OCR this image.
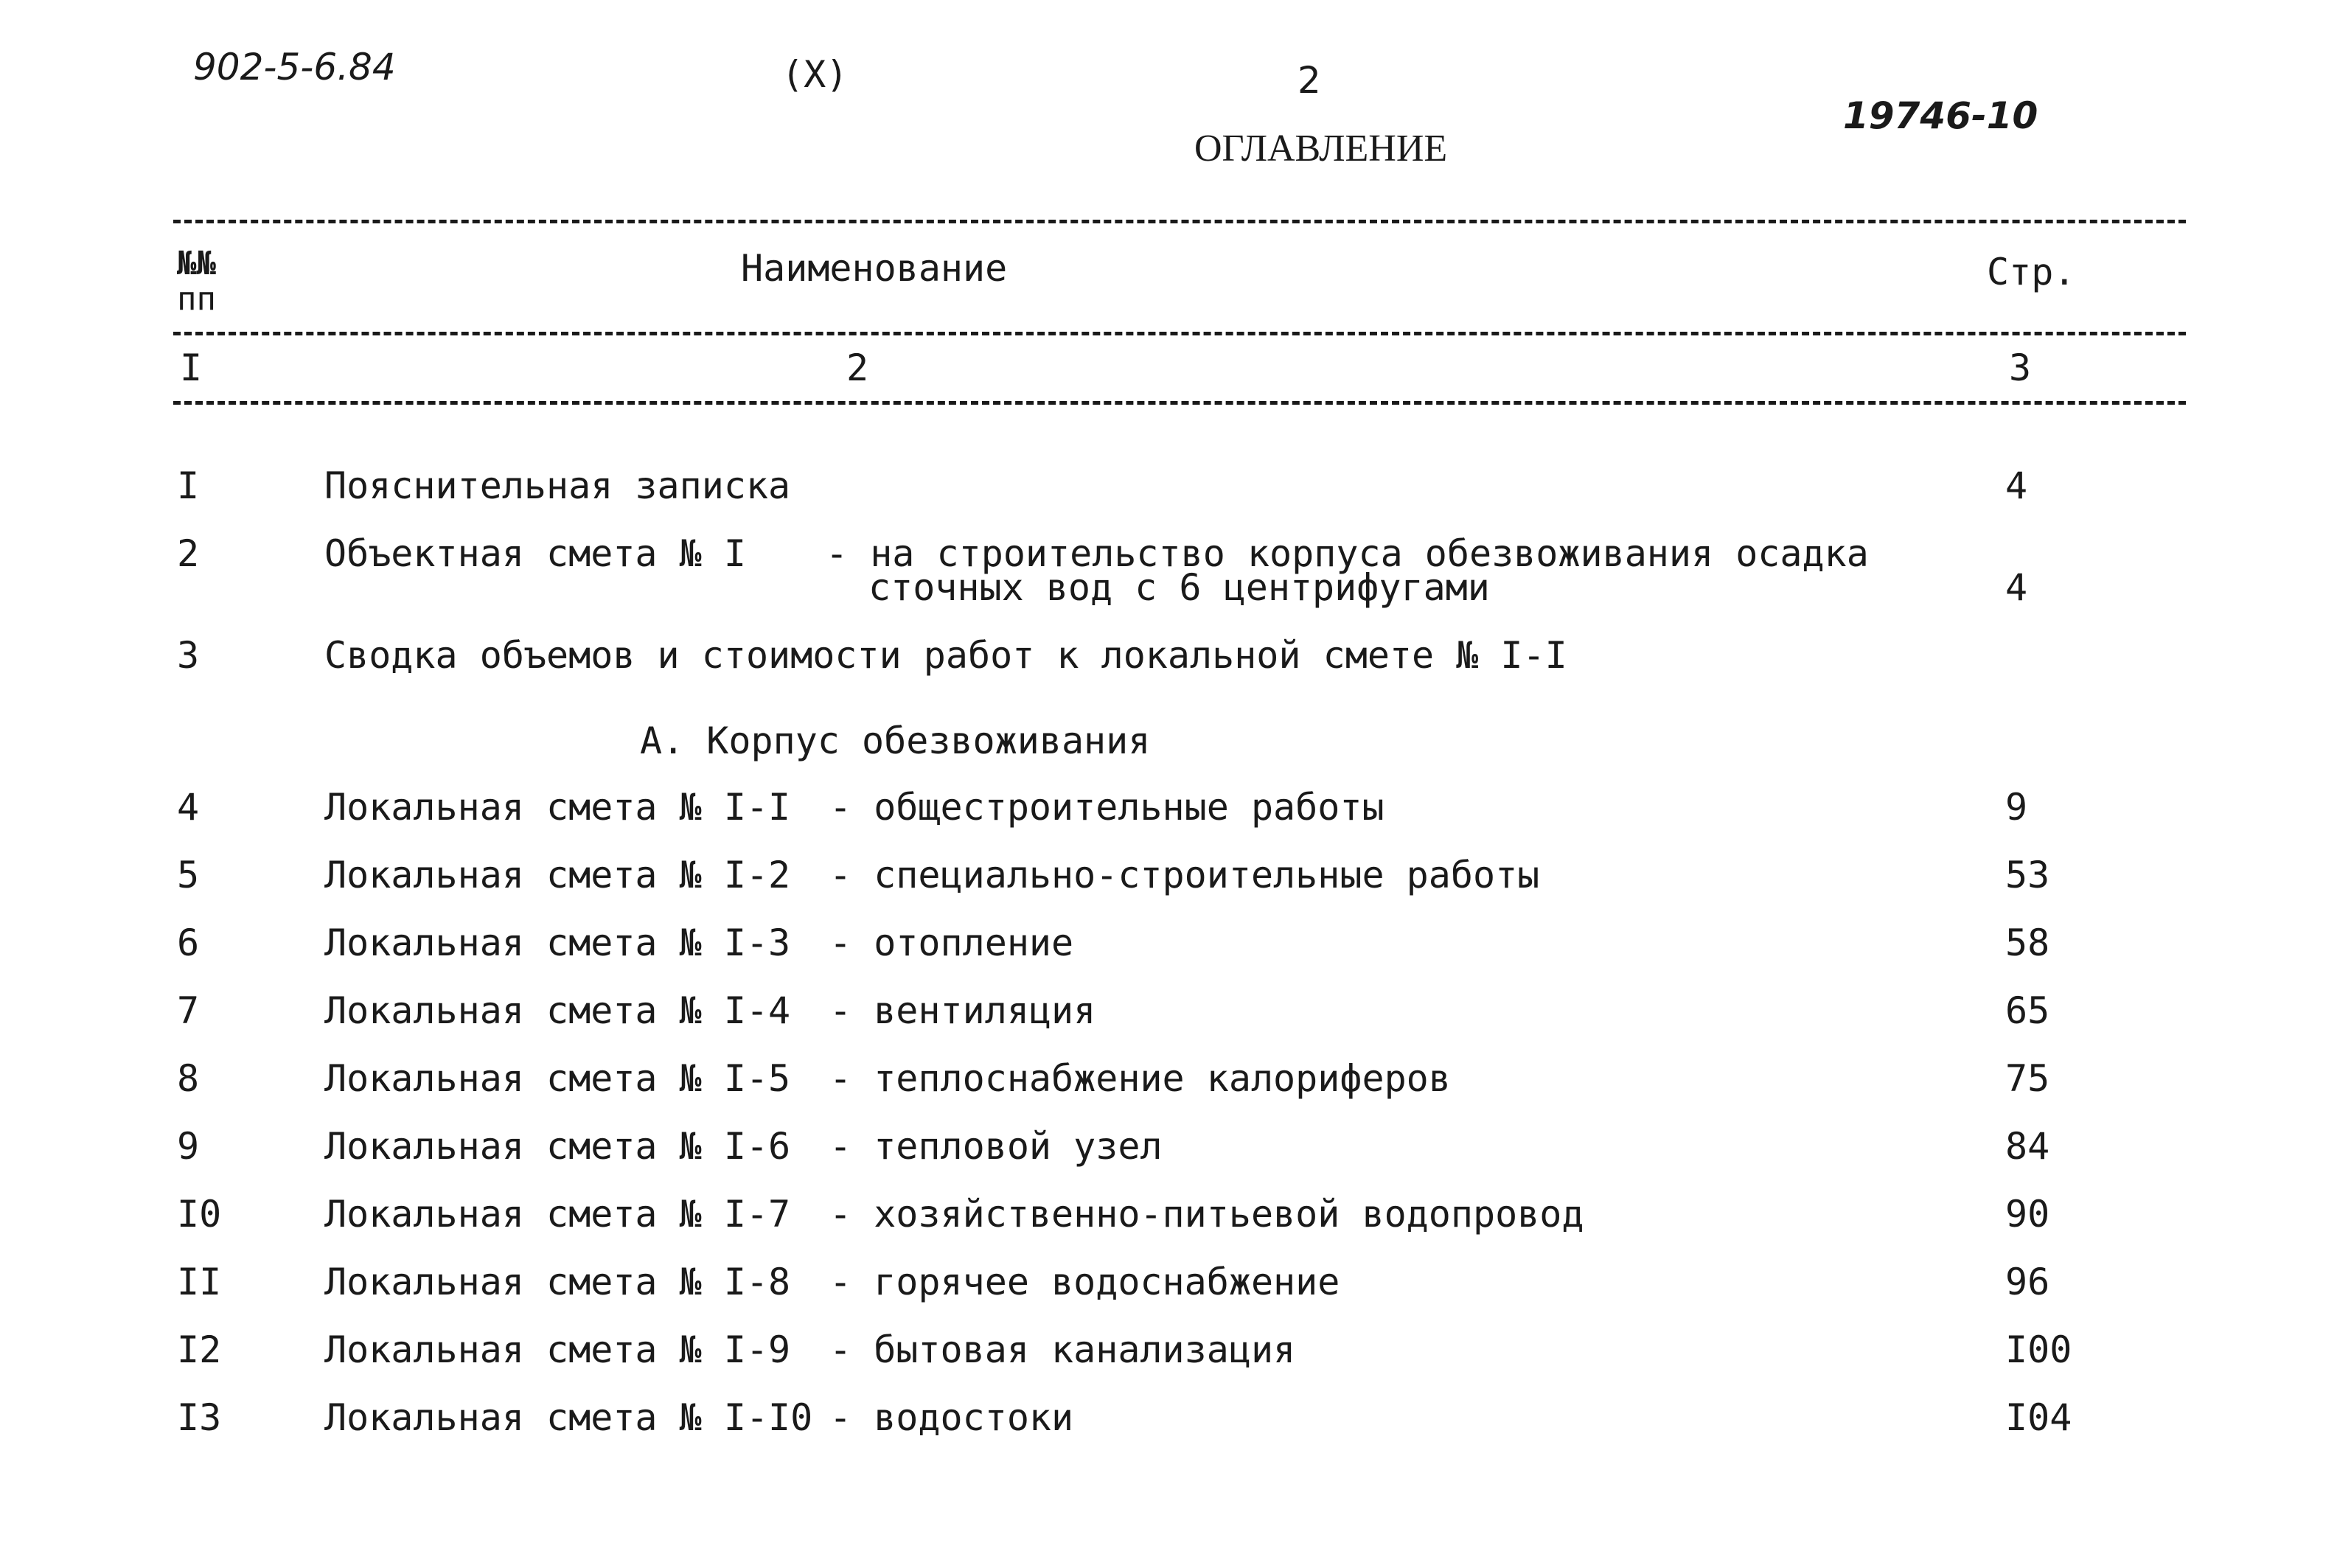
902-5-6.84	(X)	2
19746-10
ОГЛАВЛЕНИЕ
№№
пп
Наименование	Стр.
I	2	3
I	Пояснительная записка	4
2	Объектная смета № I - на строительство корпуса обезвоживания осадка
сточных вод с 6 центрифугами	4
3	Сводка объемов и стоимости работ к локальной смете № I-I
А. Корпус обезвоживания
4	Локальная смета № I-I - общестроительные работы	9
5	Локальная смета № I-2 - специально-строительные работы	53
6	Локальная смета № I-3 - отопление	58
7	Локальная смета № I-4 - вентиляция	65
8	Локальная смета № I-5 - теплоснабжение калориферов	75
9	Локальная смета № I-6 - тепловой узел	84
I0	Локальная смета № I-7 - хозяйственно-питьевой водопровод	90
II	Локальная смета № I-8 - горячее водоснабжение	96
I2	Локальная смета № I-9 - бытовая канализация	I00
I3	Локальная смета № I-I0 - водостоки	I04
